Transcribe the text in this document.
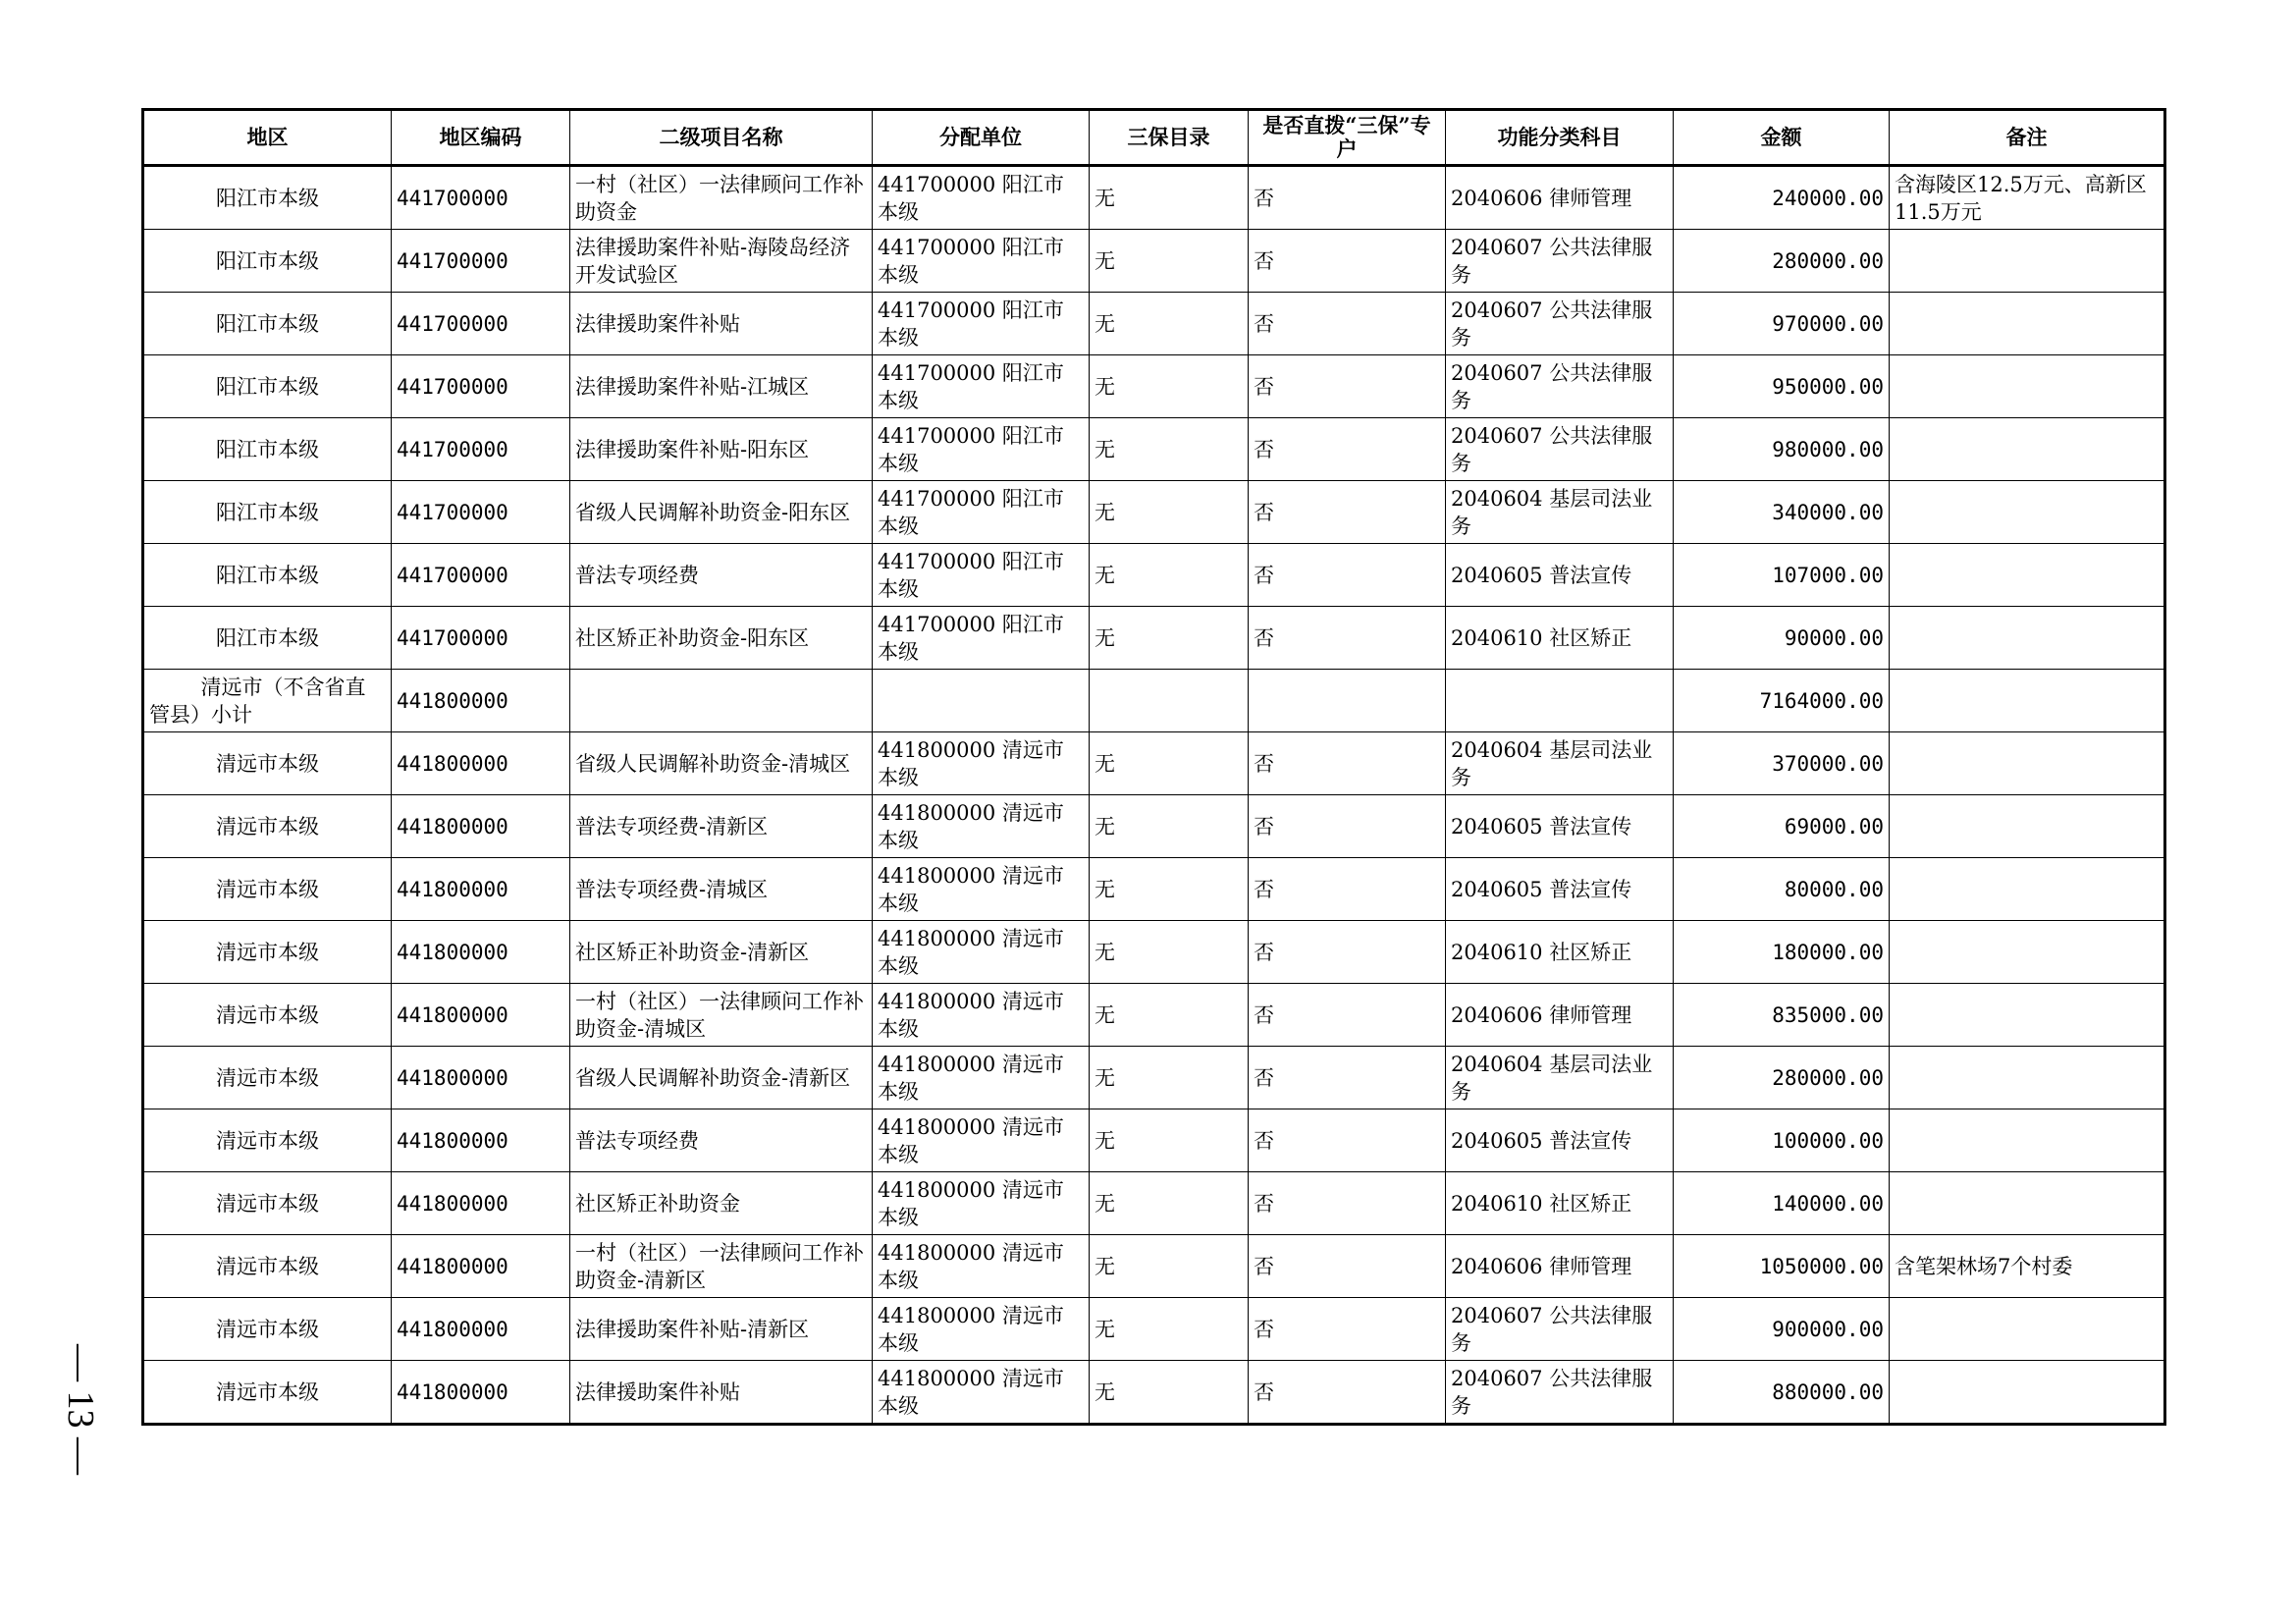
地区	地区编码	二级项目名称	分配单位	三保目录	是否直拨“三保”专户	功能分类科目	金额	备注
阳江市本级	441700000	一村（社区）一法律顾问工作补助资金	441700000 阳江市本级	无	否	2040606 律师管理	240000.00	含海陵区12.5万元、高新区11.5万元
阳江市本级	441700000	法律援助案件补贴-海陵岛经济开发试验区	441700000 阳江市本级	无	否	2040607 公共法律服务	280000.00	
阳江市本级	441700000	法律援助案件补贴	441700000 阳江市本级	无	否	2040607 公共法律服务	970000.00	
阳江市本级	441700000	法律援助案件补贴-江城区	441700000 阳江市本级	无	否	2040607 公共法律服务	950000.00	
阳江市本级	441700000	法律援助案件补贴-阳东区	441700000 阳江市本级	无	否	2040607 公共法律服务	980000.00	
阳江市本级	441700000	省级人民调解补助资金-阳东区	441700000 阳江市本级	无	否	2040604 基层司法业务	340000.00	
阳江市本级	441700000	普法专项经费	441700000 阳江市本级	无	否	2040605 普法宣传	107000.00	
阳江市本级	441700000	社区矫正补助资金-阳东区	441700000 阳江市本级	无	否	2040610 社区矫正	90000.00	
清远市（不含省直管县）小计	441800000						7164000.00	
清远市本级	441800000	省级人民调解补助资金-清城区	441800000 清远市本级	无	否	2040604 基层司法业务	370000.00	
清远市本级	441800000	普法专项经费-清新区	441800000 清远市本级	无	否	2040605 普法宣传	69000.00	
清远市本级	441800000	普法专项经费-清城区	441800000 清远市本级	无	否	2040605 普法宣传	80000.00	
清远市本级	441800000	社区矫正补助资金-清新区	441800000 清远市本级	无	否	2040610 社区矫正	180000.00	
清远市本级	441800000	一村（社区）一法律顾问工作补助资金-清城区	441800000 清远市本级	无	否	2040606 律师管理	835000.00	
清远市本级	441800000	省级人民调解补助资金-清新区	441800000 清远市本级	无	否	2040604 基层司法业务	280000.00	
清远市本级	441800000	普法专项经费	441800000 清远市本级	无	否	2040605 普法宣传	100000.00	
清远市本级	441800000	社区矫正补助资金	441800000 清远市本级	无	否	2040610 社区矫正	140000.00	
清远市本级	441800000	一村（社区）一法律顾问工作补助资金-清新区	441800000 清远市本级	无	否	2040606 律师管理	1050000.00	含笔架林场7个村委
清远市本级	441800000	法律援助案件补贴-清新区	441800000 清远市本级	无	否	2040607 公共法律服务	900000.00	
清远市本级	441800000	法律援助案件补贴	441800000 清远市本级	无	否	2040607 公共法律服务	880000.00	
— 13 —
